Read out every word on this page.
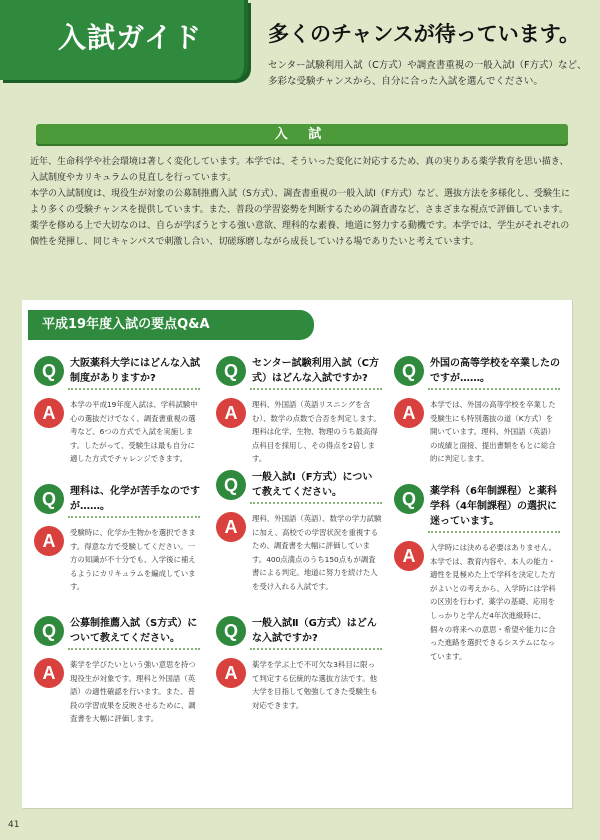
入試ガイド	多くのチャンスが待っています。
センター試験利用入試（C方式）や調査書重視の一般入試Ⅰ（F方式）など、多彩な受験チャンスから、自分に合った入試を選んでください。
入 試

近年、生命科学や社会環境は著しく変化しています。本学では、そういった変化に対応するため、真の実りある薬学教育を思い描き、入試制度やカリキュラムの見直しを行っています。

本学の入試制度は、現役生が対象の公募制推薦入試（S方式）、調査書重視の一般入試Ⅰ（F方式）など、選抜方法を多様化し、受験生により多くの受験チャンスを提供しています。また、普段の学習姿勢を判断するための調査書など、さまざまな視点で評価しています。薬学を修める上で大切なのは、自らが学ぼうとする強い意欲、理科的な素養、地道に努力する動機です。本学では、学生がそれぞれの個性を発揮し、同じキャンパスで刺激し合い、切磋琢磨しながら成長していける場でありたいと考えています。

平成19年度入試の要点Q&A
Q	大阪薬科大学にはどんな入試制度がありますか?
A	本学の平成19年度入試は、学科試験中心の選抜だけでなく、調査書重視の選考など、6つの方式で入試を実施します。したがって、受験生は最も自分に適した方式でチャレンジできます。
Q	理科は、化学が苦手なのですが……。
A	受験時に、化学か生物かを選択できます。得意な方で受験してください。一方の知識が不十分でも、入学後に補えるようにカリキュラムを編成しています。
Q	公募制推薦入試（S方式）について教えてください。
A	薬学を学びたいという強い意思を持つ現役生が対象です。理科と外国語（英語）の適性確認を行います。また、普段の学習成果を反映させるために、調査書を大幅に評価します。
Q	センター試験利用入試（C方式）はどんな入試ですか?
A	理科、外国語（英語リスニングを含む）、数学の点数で合否を判定します。理科は化学、生物、物理のうち最高得点科目を採用し、その得点を2倍します。
Q	一般入試Ⅰ（F方式）について教えてください。
A	理科、外国語（英語）、数学の学力試験に加え、高校での学習状況を重視するため、調査書を大幅に評価しています。400点満点のうち150点もが調査書による判定。地道に努力を続けた人を受け入れる入試です。
Q	一般入試Ⅱ（G方式）はどんな入試ですか?
A	薬学を学ぶ上で不可欠な3科目に限って判定する伝統的な選抜方法です。他大学を目指して勉強してきた受験生も対応できます。
Q	外国の高等学校を卒業したのですが……。
A	本学では、外国の高等学校を卒業した受験生にも特別選抜の道（K方式）を開いています。理科、外国語（英語）の成績と面接、提出書類をもとに総合的に判定します。
Q	薬学科（6年制課程）と薬科学科（4年制課程）の選択に迷っています。
A	入学時には決める必要はありません。本学では、教育内容や、本人の能力・適性を見極めた上で学科を決定した方がよいとの考えから、入学時には学科の区別を行わず、薬学の基礎、応用をしっかりと学んだ4年次進級時に、個々の将来への意思・希望や能力に合った進路を選択できるシステムになっています。
41
